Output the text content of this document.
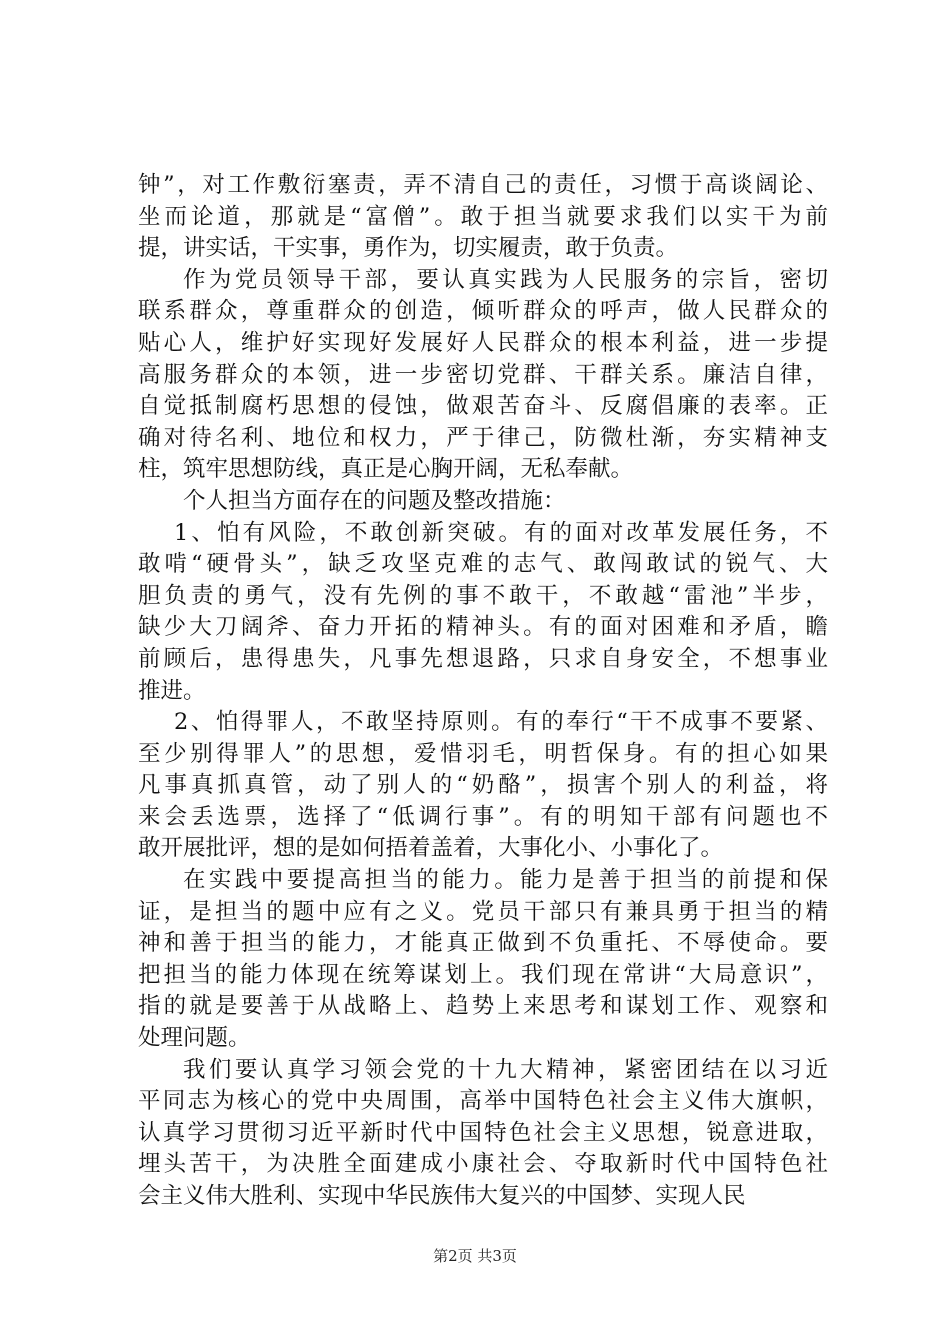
钟”，对工作敷衍塞责，弄不清自己的责任，习惯于高谈阔论、
坐而论道，那就是“富僧”。敢于担当就要求我们以实干为前
提，讲实话，干实事，勇作为，切实履责，敢于负责。
作为党员领导干部，要认真实践为人民服务的宗旨，密切
联系群众，尊重群众的创造，倾听群众的呼声，做人民群众的
贴心人，维护好实现好发展好人民群众的根本利益，进一步提
高服务群众的本领，进一步密切党群、干群关系。廉洁自律，
自觉抵制腐朽思想的侵蚀，做艰苦奋斗、反腐倡廉的表率。正
确对待名利、地位和权力，严于律己，防微杜渐，夯实精神支
柱，筑牢思想防线，真正是心胸开阔，无私奉献。
个人担当方面存在的问题及整改措施：
1、怕有风险，不敢创新突破。有的面对改革发展任务，不
敢啃“硬骨头”，缺乏攻坚克难的志气、敢闯敢试的锐气、大
胆负责的勇气，没有先例的事不敢干，不敢越“雷池”半步，
缺少大刀阔斧、奋力开拓的精神头。有的面对困难和矛盾，瞻
前顾后，患得患失，凡事先想退路，只求自身安全，不想事业
推进。
2、怕得罪人，不敢坚持原则。有的奉行“干不成事不要紧、
至少别得罪人”的思想，爱惜羽毛，明哲保身。有的担心如果
凡事真抓真管，动了别人的“奶酪”，损害个别人的利益，将
来会丢选票，选择了“低调行事”。有的明知干部有问题也不
敢开展批评，想的是如何捂着盖着，大事化小、小事化了。
在实践中要提高担当的能力。能力是善于担当的前提和保
证，是担当的题中应有之义。党员干部只有兼具勇于担当的精
神和善于担当的能力，才能真正做到不负重托、不辱使命。要
把担当的能力体现在统筹谋划上。我们现在常讲“大局意识”，
指的就是要善于从战略上、趋势上来思考和谋划工作、观察和
处理问题。
我们要认真学习领会党的十九大精神，紧密团结在以习近
平同志为核心的党中央周围，高举中国特色社会主义伟大旗帜，
认真学习贯彻习近平新时代中国特色社会主义思想，锐意进取，
埋头苦干，为决胜全面建成小康社会、夺取新时代中国特色社
会主义伟大胜利、实现中华民族伟大复兴的中国梦、实现人民
第2页 共3页
